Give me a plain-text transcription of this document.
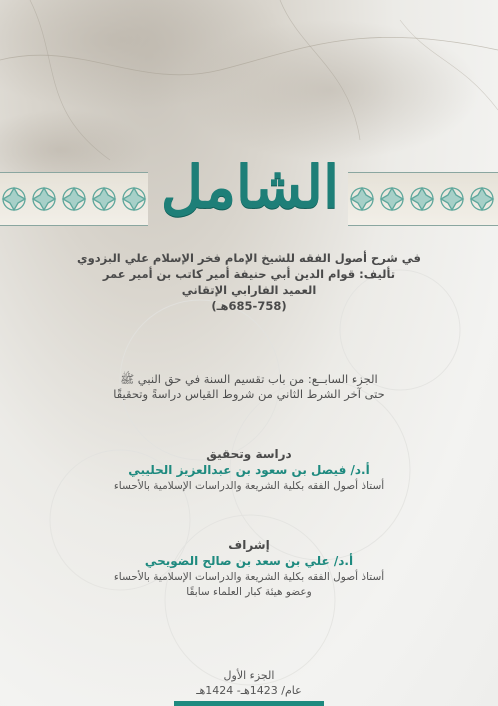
الشامل
في شرح أصول الفقه للشيخ الإمام فخر الإسلام علي البزدوي
تأليف: قوام الدين أبي حنيفة أمير كاتب بن أمير عمر
العميد الفارابي الإتقاني
(685-758هـ)
الجزء السابــع: من باب تقسيم السنة في حق النبي ﷺ
حتى آخر الشرط الثاني من شروط القياس دراسةً وتحقيقًا
دراسة وتحقيق
أ.د/ فيصل بن سعود بن عبدالعزيز الحليبي
أستاذ أصول الفقه بكلية الشريعة والدراسات الإسلامية بالأحساء
إشراف
أ.د/ علي بن سعد بن صالح الضويحي
أستاذ أصول الفقه بكلية الشريعة والدراسات الإسلامية بالأحساء
وعضو هيئة كبار العلماء سابقًا
الجزء الأول
عام/ 1423هـ- 1424هـ
